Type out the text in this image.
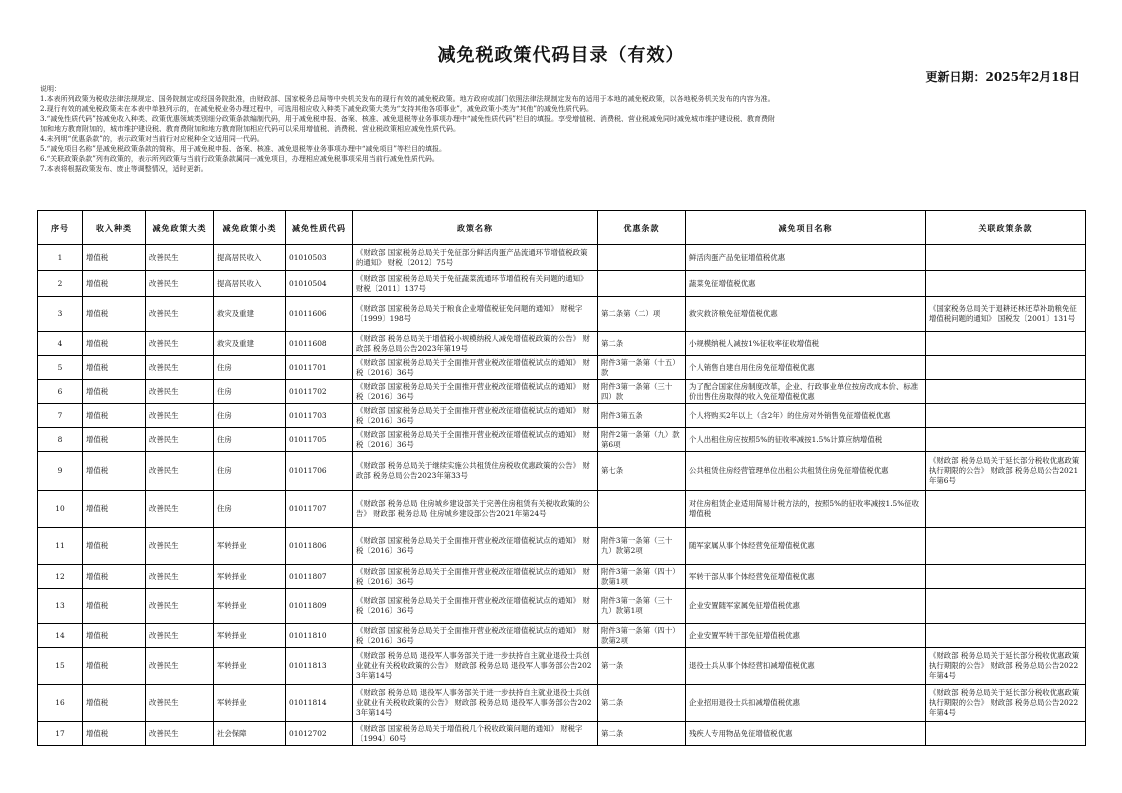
减免税政策代码目录（有效）
更新日期：2025年2月18日
说明：
1.本表所列政策为税收法律法规规定、国务院制定或经国务院批准，由财政部、国家税务总局等中央机关发布的现行有效的减免税政策。地方政府或部门依照法律法规制定发布的适用于本地的减免税政策，以各地税务机关发布的内容为准。
2.现行有效的减免税政策未在本表中单独列示的，在减免税业务办理过程中，可选用相应收入种类下减免政策大类为“支持其他各项事业”，减免政策小类为“其他”的减免性质代码。
3.“减免性质代码”按减免收入种类、政策优惠领域类别细分政策条款编制代码，用于减免税申报、备案、核准、减免退税等业务事项办理中“减免性质代码”栏目的填报。享受增值税、消费税、营业税减免同时减免城市维护建设税、教育费附
加和地方教育附加的，城市维护建设税、教育费附加和地方教育附加相应代码可以采用增值税、消费税、营业税政策相应减免性质代码。
4.未列明“优惠条款”的，表示政策对当前行对应税种全文适用同一代码。
5.“减免项目名称”是减免税政策条款的简称，用于减免税申报、备案、核准、减免退税等业务事项办理中“减免项目”等栏目的填报。
6.“关联政策条款”列有政策的，表示所列政策与当前行政策条款属同一减免项目，办理相应减免税事项采用当前行减免性质代码。
7.本表将根据政策发布、废止等调整情况，适时更新。
序号	收入种类	减免政策大类	减免政策小类	减免性质代码	政策名称	优惠条款	减免项目名称	关联政策条款
1	增值税	改善民生	提高居民收入	01010503	《财政部 国家税务总局关于免征部分鲜活肉蛋产品流通环节增值税政策的通知》 财税〔2012〕75号		鲜活肉蛋产品免征增值税优惠	
2	增值税	改善民生	提高居民收入	01010504	《财政部 国家税务总局关于免征蔬菜流通环节增值税有关问题的通知》 财税〔2011〕137号		蔬菜免征增值税优惠	
3	增值税	改善民生	救灾及重建	01011606	《财政部 国家税务总局关于粮食企业增值税征免问题的通知》 财税字〔1999〕198号	第二条第（二）项	救灾救济粮免征增值税优惠	《国家税务总局关于退耕还林还草补助粮免征增值税问题的通知》 国税发〔2001〕131号
4	增值税	改善民生	救灾及重建	01011608	《财政部 税务总局关于增值税小规模纳税人减免增值税政策的公告》 财政部 税务总局公告2023年第19号	第二条	小规模纳税人减按1%征收率征收增值税	
5	增值税	改善民生	住房	01011701	《财政部 国家税务总局关于全面推开营业税改征增值税试点的通知》 财税〔2016〕36号	附件3第一条第（十五）款	个人销售自建自用住房免征增值税优惠	
6	增值税	改善民生	住房	01011702	《财政部 国家税务总局关于全面推开营业税改征增值税试点的通知》 财税〔2016〕36号	附件3第一条第（三十四）款	为了配合国家住房制度改革，企业、行政事业单位按房改成本价、标准价出售住房取得的收入免征增值税优惠	
7	增值税	改善民生	住房	01011703	《财政部 国家税务总局关于全面推开营业税改征增值税试点的通知》 财税〔2016〕36号	附件3第五条	个人将购买2年以上（含2年）的住房对外销售免征增值税优惠	
8	增值税	改善民生	住房	01011705	《财政部 国家税务总局关于全面推开营业税改征增值税试点的通知》 财税〔2016〕36号	附件2第一条第（九）款第6项	个人出租住房应按照5%的征收率减按1.5%计算应纳增值税	
9	增值税	改善民生	住房	01011706	《财政部 税务总局关于继续实施公共租赁住房税收优惠政策的公告》 财政部 税务总局公告2023年第33号	第七条	公共租赁住房经营管理单位出租公共租赁住房免征增值税优惠	《财政部 税务总局关于延长部分税收优惠政策执行期限的公告》 财政部 税务总局公告2021年第6号
10	增值税	改善民生	住房	01011707	《财政部 税务总局 住房城乡建设部关于完善住房租赁有关税收政策的公告》 财政部 税务总局 住房城乡建设部公告2021年第24号		对住房租赁企业适用简易计税方法的，按照5%的征收率减按1.5%征收增值税	
11	增值税	改善民生	军转择业	01011806	《财政部 国家税务总局关于全面推开营业税改征增值税试点的通知》 财税〔2016〕36号	附件3第一条第（三十九）款第2项	随军家属从事个体经营免征增值税优惠	
12	增值税	改善民生	军转择业	01011807	《财政部 国家税务总局关于全面推开营业税改征增值税试点的通知》 财税〔2016〕36号	附件3第一条第（四十）款第1项	军转干部从事个体经营免征增值税优惠	
13	增值税	改善民生	军转择业	01011809	《财政部 国家税务总局关于全面推开营业税改征增值税试点的通知》 财税〔2016〕36号	附件3第一条第（三十九）款第1项	企业安置随军家属免征增值税优惠	
14	增值税	改善民生	军转择业	01011810	《财政部 国家税务总局关于全面推开营业税改征增值税试点的通知》 财税〔2016〕36号	附件3第一条第（四十）款第2项	企业安置军转干部免征增值税优惠	
15	增值税	改善民生	军转择业	01011813	《财政部 税务总局 退役军人事务部关于进一步扶持自主就业退役士兵创业就业有关税收政策的公告》 财政部 税务总局 退役军人事务部公告2023年第14号	第一条	退役士兵从事个体经营扣减增值税优惠	《财政部 税务总局关于延长部分税收优惠政策执行期限的公告》 财政部 税务总局公告2022年第4号
16	增值税	改善民生	军转择业	01011814	《财政部 税务总局 退役军人事务部关于进一步扶持自主就业退役士兵创业就业有关税收政策的公告》 财政部 税务总局 退役军人事务部公告2023年第14号	第二条	企业招用退役士兵扣减增值税优惠	《财政部 税务总局关于延长部分税收优惠政策执行期限的公告》 财政部 税务总局公告2022年第4号
17	增值税	改善民生	社会保障	01012702	《财政部 国家税务总局关于增值税几个税收政策问题的通知》 财税字〔1994〕60号	第二条	残疾人专用物品免征增值税优惠	
